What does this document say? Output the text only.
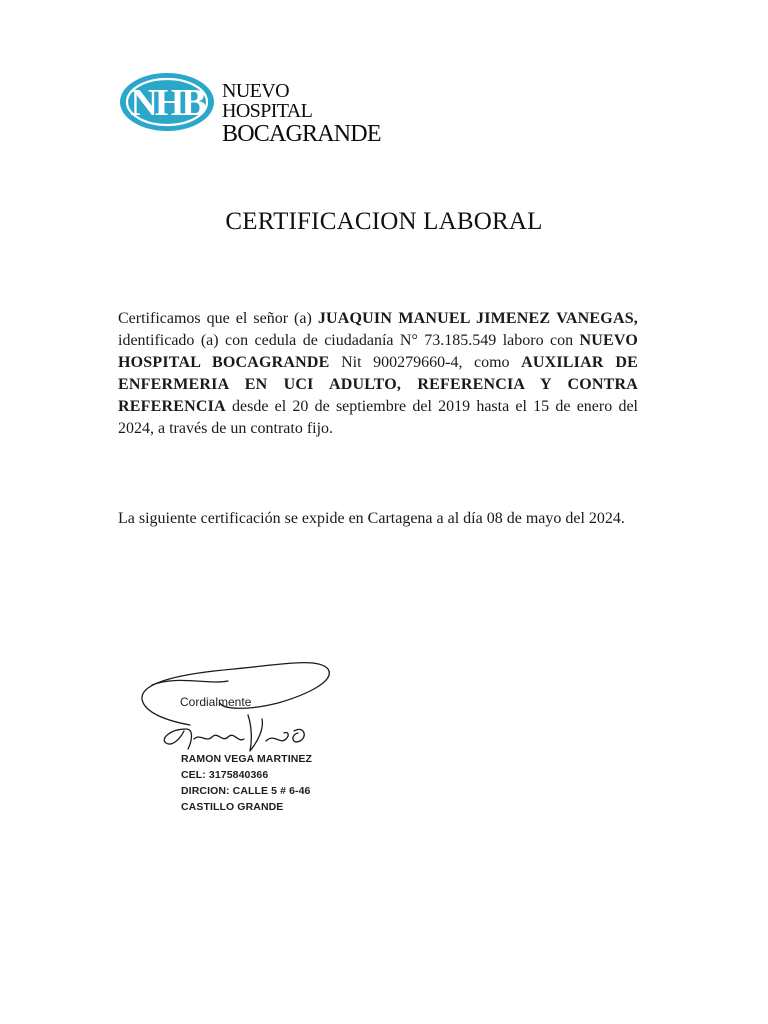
NHB NUEVO HOSPITAL
BOCAGRANDE
CERTIFICACION LABORAL
Certificamos que el señor (a) JUAQUIN MANUEL JIMENEZ VANEGAS, identificado (a) con cedula de ciudadanía N° 73.185.549 laboro con NUEVO HOSPITAL BOCAGRANDE Nit 900279660-4, como AUXILIAR DE ENFERMERIA EN UCI ADULTO, REFERENCIA Y CONTRA REFERENCIA desde el 20 de septiembre del 2019 hasta el 15 de enero del 2024, a través de un contrato fijo.
La siguiente certificación se expide en Cartagena a al día 08 de mayo del 2024.
Cordialmente
RAMON VEGA MARTINEZ
CEL: 3175840366
DIRCION: CALLE 5 # 6-46
CASTILLO GRANDE
